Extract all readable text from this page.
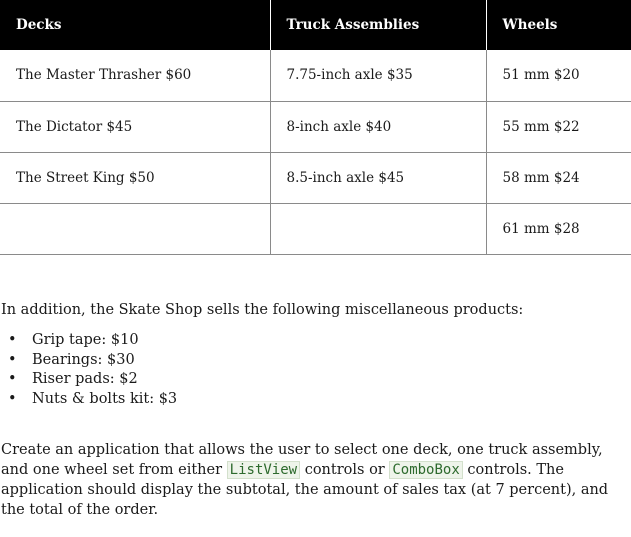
Decks	Truck Assemblies	Wheels
The Master Thrasher $60	7.75-inch axle $35	51 mm $20
The Dictator $45	8-inch axle $40	55 mm $22
The Street King $50	8.5-inch axle $45	58 mm $24
		61 mm $28

In addition, the Skate Shop sells the following miscellaneous products:

• Grip tape: $10
• Bearings: $30
• Riser pads: $2
• Nuts & bolts kit: $3

Create an application that allows the user to select one deck, one truck assembly, and one wheel set from either ListView controls or ComboBox controls. The application should display the subtotal, the amount of sales tax (at 7 percent), and the total of the order.
